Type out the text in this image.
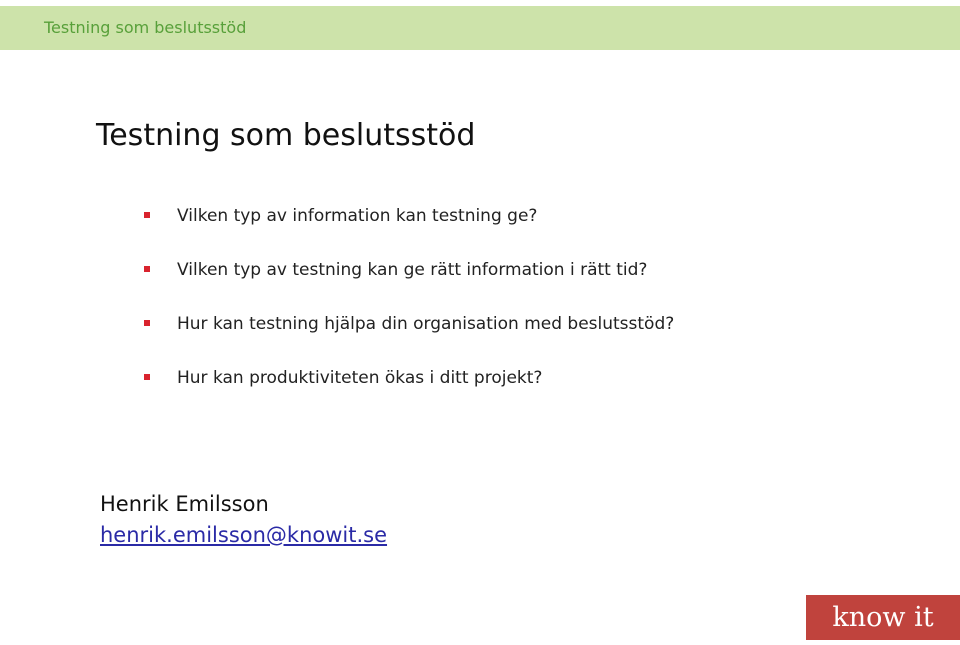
Testning som beslutsstöd
Testning som beslutsstöd
Vilken typ av information kan testning ge?
Vilken typ av testning kan ge rätt information i rätt tid?
Hur kan testning hjälpa din organisation med beslutsstöd?
Hur kan produktiviteten ökas i ditt projekt?
Henrik Emilsson
henrik.emilsson@knowit.se
know it
